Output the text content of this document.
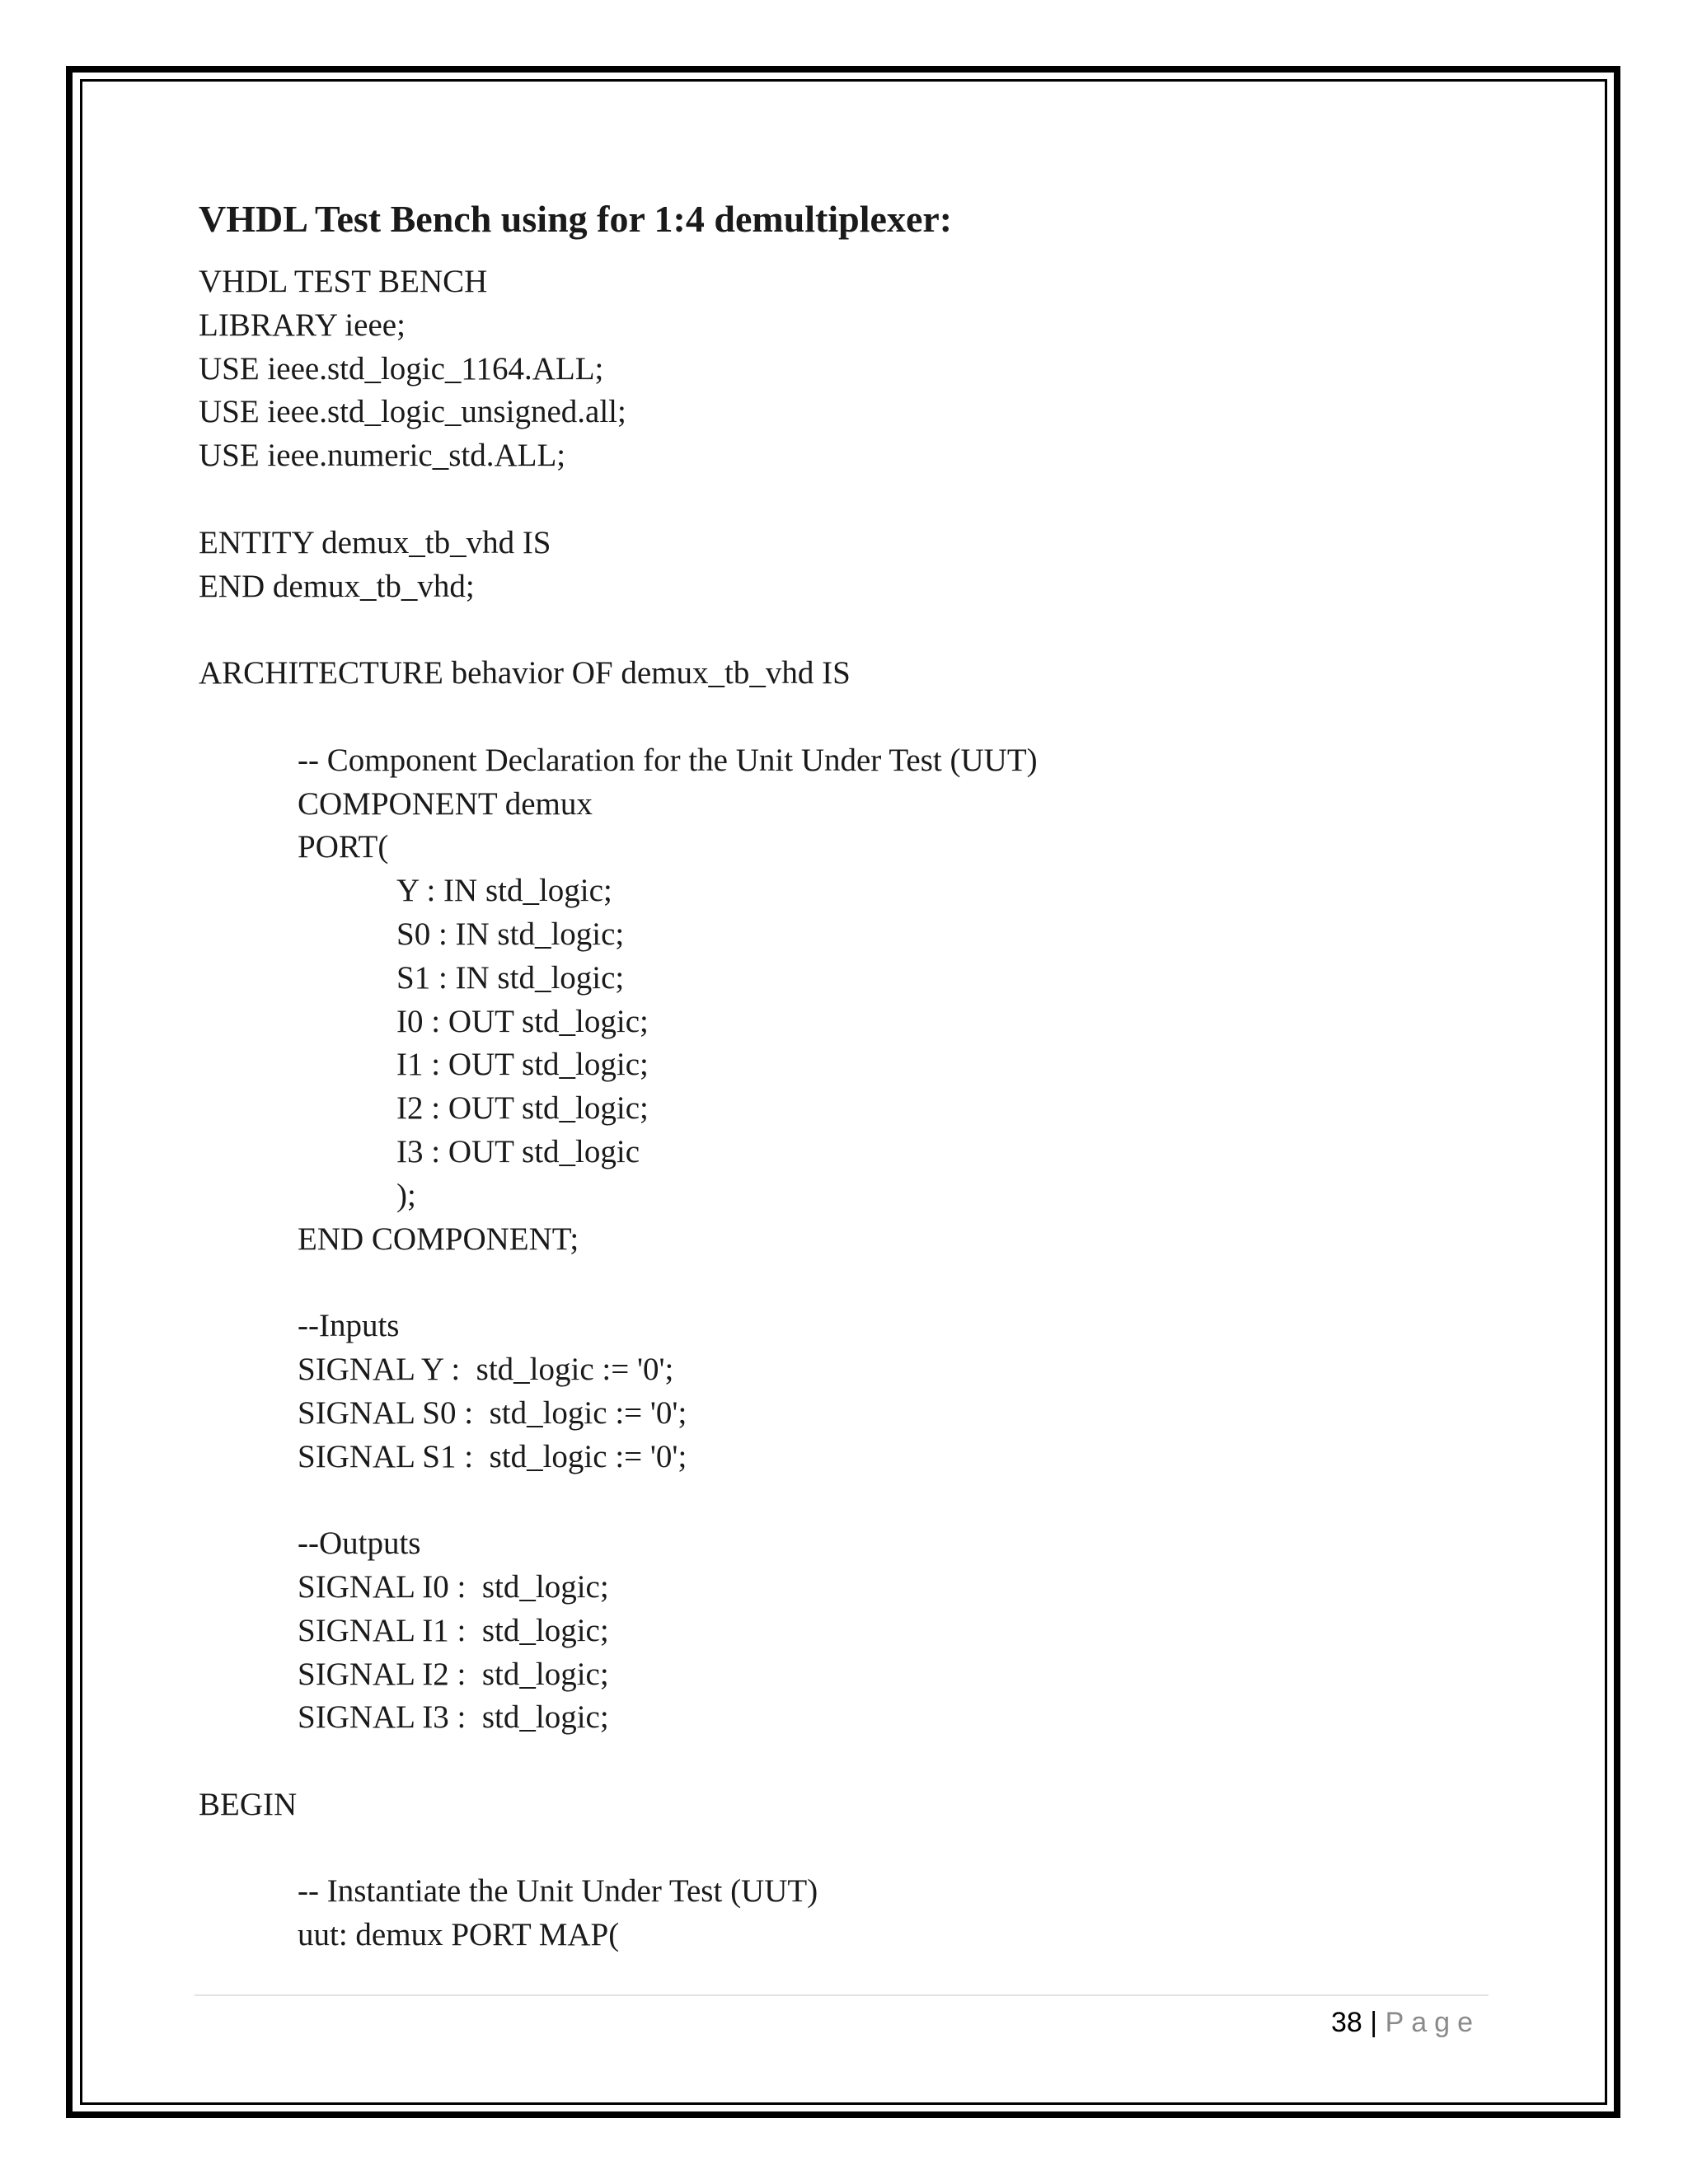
VHDL Test Bench using for 1:4 demultiplexer:
VHDL TEST BENCH
LIBRARY ieee;
USE ieee.std_logic_1164.ALL;
USE ieee.std_logic_unsigned.all;
USE ieee.numeric_std.ALL;
ENTITY demux_tb_vhd IS
END demux_tb_vhd;
ARCHITECTURE behavior OF demux_tb_vhd IS
-- Component Declaration for the Unit Under Test (UUT)
COMPONENT demux
PORT(
Y : IN std_logic;
S0 : IN std_logic;
S1 : IN std_logic;
I0 : OUT std_logic;
I1 : OUT std_logic;
I2 : OUT std_logic;
I3 : OUT std_logic
);
END COMPONENT;
--Inputs
SIGNAL Y :  std_logic := '0';
SIGNAL S0 :  std_logic := '0';
SIGNAL S1 :  std_logic := '0';
--Outputs
SIGNAL I0 :  std_logic;
SIGNAL I1 :  std_logic;
SIGNAL I2 :  std_logic;
SIGNAL I3 :  std_logic;
BEGIN
-- Instantiate the Unit Under Test (UUT)
uut: demux PORT MAP(
38 | Page
